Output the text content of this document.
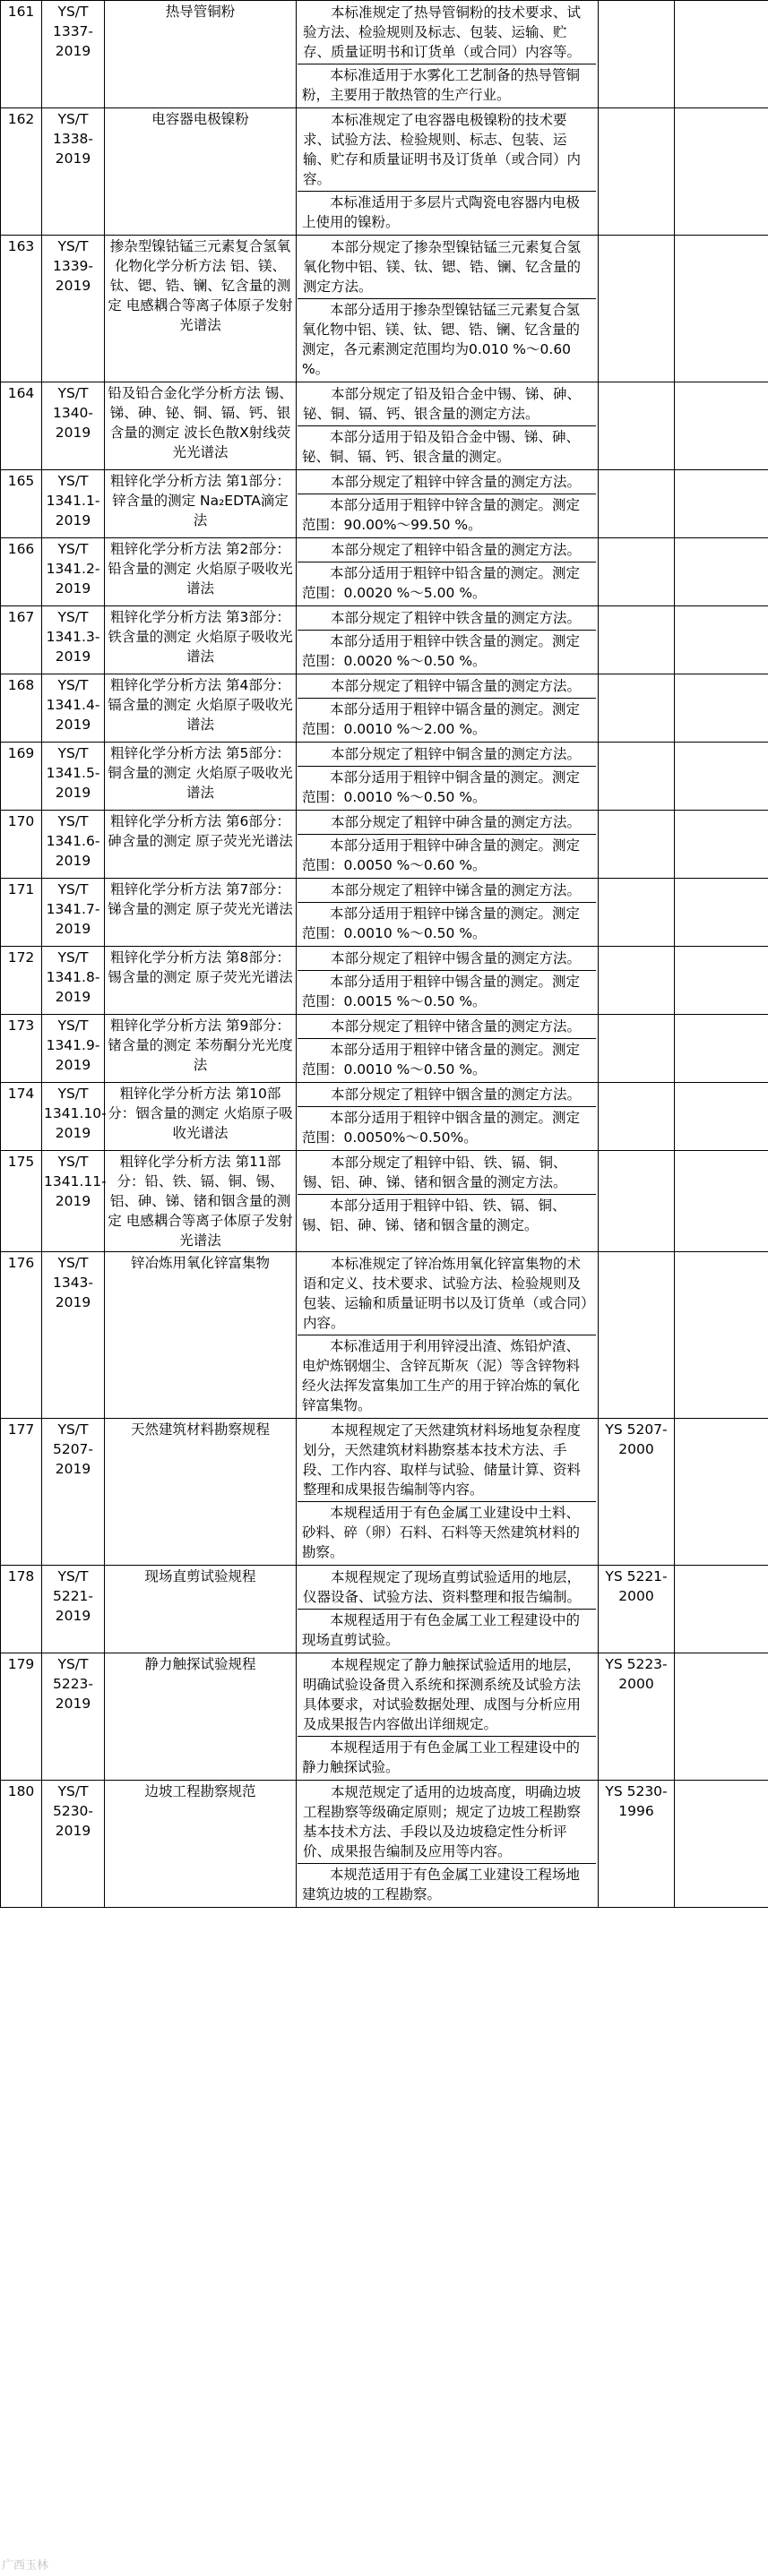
161	YS/T 1337-2019	热导管铜粉	本标准规定了热导管铜粉的技术要求、试验方法、检验规则及标志、包装、运输、贮存、质量证明书和订货单（或合同）内容等。
本标准适用于水雾化工艺制备的热导管铜粉，主要用于散热管的生产行业。		

162	YS/T 1338-2019	电容器电极镍粉	本标准规定了电容器电极镍粉的技术要求、试验方法、检验规则、标志、包装、运输、贮存和质量证明书及订货单（或合同）内容。
本标准适用于多层片式陶瓷电容器内电极上使用的镍粉。		

163	YS/T 1339-2019	掺杂型镍钴锰三元素复合氢氧化物化学分析方法 铝、镁、钛、锶、锆、镧、钇含量的测定 电感耦合等离子体原子发射光谱法	本部分规定了掺杂型镍钴锰三元素复合氢氧化物中铝、镁、钛、锶、锆、镧、钇含量的测定方法。
本部分适用于掺杂型镍钴锰三元素复合氢氧化物中铝、镁、钛、锶、锆、镧、钇含量的测定，各元素测定范围均为0.010 %～0.60 %。		

164	YS/T 1340-2019	铅及铅合金化学分析方法 锡、锑、砷、铋、铜、镉、钙、银含量的测定 波长色散X射线荧光光谱法	本部分规定了铅及铅合金中锡、锑、砷、铋、铜、镉、钙、银含量的测定方法。
本部分适用于铅及铅合金中锡、锑、砷、铋、铜、镉、钙、银含量的测定。		

165	YS/T 1341.1-2019	粗锌化学分析方法 第1部分：锌含量的测定 Na₂EDTA滴定法	本部分规定了粗锌中锌含量的测定方法。
本部分适用于粗锌中锌含量的测定。测定范围：90.00%～99.50 %。		

166	YS/T 1341.2-2019	粗锌化学分析方法 第2部分：铅含量的测定 火焰原子吸收光谱法	本部分规定了粗锌中铅含量的测定方法。
本部分适用于粗锌中铅含量的测定。测定范围：0.0020 %～5.00 %。		

167	YS/T 1341.3-2019	粗锌化学分析方法 第3部分：铁含量的测定 火焰原子吸收光谱法	本部分规定了粗锌中铁含量的测定方法。
本部分适用于粗锌中铁含量的测定。测定范围：0.0020 %～0.50 %。		

168	YS/T 1341.4-2019	粗锌化学分析方法 第4部分：镉含量的测定 火焰原子吸收光谱法	本部分规定了粗锌中镉含量的测定方法。
本部分适用于粗锌中镉含量的测定。测定范围：0.0010 %～2.00 %。		

169	YS/T 1341.5-2019	粗锌化学分析方法 第5部分：铜含量的测定 火焰原子吸收光谱法	本部分规定了粗锌中铜含量的测定方法。
本部分适用于粗锌中铜含量的测定。测定范围：0.0010 %～0.50 %。		

170	YS/T 1341.6-2019	粗锌化学分析方法 第6部分：砷含量的测定 原子荧光光谱法	本部分规定了粗锌中砷含量的测定方法。
本部分适用于粗锌中砷含量的测定。测定范围：0.0050 %～0.60 %。		

171	YS/T 1341.7-2019	粗锌化学分析方法 第7部分：锑含量的测定 原子荧光光谱法	本部分规定了粗锌中锑含量的测定方法。
本部分适用于粗锌中锑含量的测定。测定范围：0.0010 %～0.50 %。		

172	YS/T 1341.8-2019	粗锌化学分析方法 第8部分：锡含量的测定 原子荧光光谱法	本部分规定了粗锌中锡含量的测定方法。
本部分适用于粗锌中锡含量的测定。测定范围：0.0015 %～0.50 %。		

173	YS/T 1341.9-2019	粗锌化学分析方法 第9部分：锗含量的测定 苯芴酮分光光度法	本部分规定了粗锌中锗含量的测定方法。
本部分适用于粗锌中锗含量的测定。测定范围：0.0010 %～0.50 %。		

174	YS/T 1341.10-2019	粗锌化学分析方法 第10部分：铟含量的测定 火焰原子吸收光谱法	本部分规定了粗锌中铟含量的测定方法。
本部分适用于粗锌中铟含量的测定。测定范围：0.0050%～0.50%。		

175	YS/T 1341.11-2019	粗锌化学分析方法 第11部分：铅、铁、镉、铜、锡、铝、砷、锑、锗和铟含量的测定 电感耦合等离子体原子发射光谱法	本部分规定了粗锌中铅、铁、镉、铜、锡、铝、砷、锑、锗和铟含量的测定方法。
本部分适用于粗锌中铅、铁、镉、铜、锡、铝、砷、锑、锗和铟含量的测定。		

176	YS/T 1343-2019	锌冶炼用氧化锌富集物	本标准规定了锌冶炼用氧化锌富集物的术语和定义、技术要求、试验方法、检验规则及包装、运输和质量证明书以及订货单（或合同）内容。
本标准适用于利用锌浸出渣、炼铅炉渣、电炉炼钢烟尘、含锌瓦斯灰（泥）等含锌物料经火法挥发富集加工生产的用于锌冶炼的氧化锌富集物。		

177	YS/T 5207-2019	天然建筑材料勘察规程	本规程规定了天然建筑材料场地复杂程度划分，天然建筑材料勘察基本技术方法、手段、工作内容、取样与试验、储量计算、资料整理和成果报告编制等内容。
本规程适用于有色金属工业建设中土料、砂料、碎（卵）石料、石料等天然建筑材料的勘察。	YS 5207-2000	
178	YS/T 5221-2019	现场直剪试验规程	本规程规定了现场直剪试验适用的地层，仪器设备、试验方法、资料整理和报告编制。
本规程适用于有色金属工业工程建设中的现场直剪试验。	YS 5221-2000	
179	YS/T 5223-2019	静力触探试验规程	本规程规定了静力触探试验适用的地层，明确试验设备贯入系统和探测系统及试验方法具体要求，对试验数据处理、成图与分析应用及成果报告内容做出详细规定。
本规程适用于有色金属工业工程建设中的静力触探试验。	YS 5223-2000	
180	YS/T 5230-2019	边坡工程勘察规范	本规范规定了适用的边坡高度，明确边坡工程勘察等级确定原则；规定了边坡工程勘察基本技术方法、手段以及边坡稳定性分析评价、成果报告编制及应用等内容。
本规范适用于有色金属工业建设工程场地建筑边坡的工程勘察。	YS 5230-1996	
广西玉林
